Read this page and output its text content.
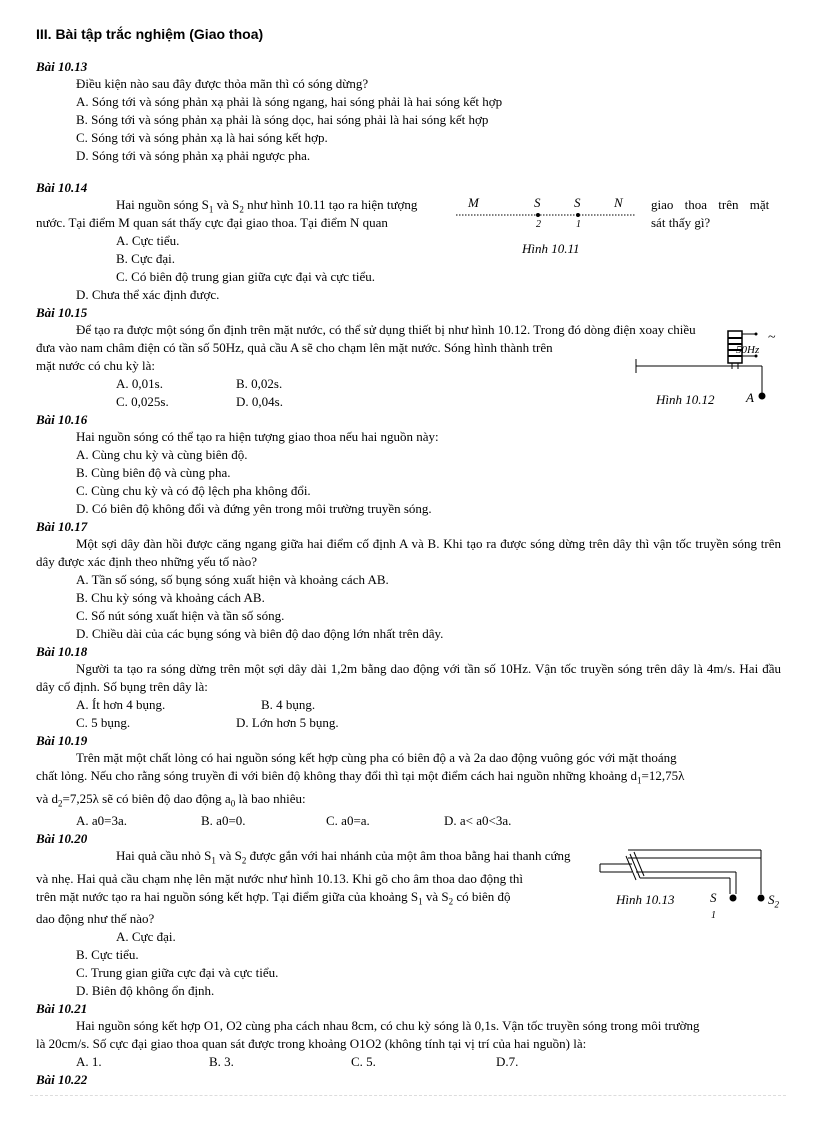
III. Bài tập trắc nghiệm (Giao thoa)
Bài 10.13
Điều kiện nào sau đây được thỏa mãn thì có sóng dừng?
A. Sóng tới và sóng phản xạ phải là sóng ngang, hai sóng phải là hai sóng kết hợp
B. Sóng tới và sóng phản xạ phải là sóng dọc, hai sóng phải là hai sóng kết hợp
C. Sóng tới và sóng phản xạ là hai sóng kết hợp.
D. Sóng tới và sóng phản xạ phải ngược pha.
Bài 10.14
Hai nguồn sóng $S_1$ và $S_2$ như hình 10.11 tạo ra hiện tượng	giao thoa trên mặt
nước. Tại điểm M quan sát thấy cực đại giao thoa. Tại điểm N quan	sát thấy gì?
A. Cực tiểu.
B. Cực đại.
C. Có biên độ trung gian giữa cực đại và cực tiểu.
D. Chưa thể xác định được.
M	S	S	N
2	1
Hình 10.11
Bài 10.15
Để tạo ra được một sóng ổn định trên mặt nước, có thể sử dụng thiết bị như hình 10.12. Trong đó dòng điện xoay chiều
đưa vào nam châm điện có tần số 50Hz, quả cầu A sẽ cho chạm lên mặt nước. Sóng hình thành trên
mặt nước có chu kỳ là:
A. 0,01s.	B. 0,02s.
C. 0,025s.	D. 0,04s.
~
50Hz
A
Hình 10.12
Bài 10.16
Hai nguồn sóng có thể tạo ra hiện tượng giao thoa nếu hai nguồn này:
A. Cùng chu kỳ và cùng biên độ.
B. Cùng biên độ và cùng pha.
C. Cùng chu kỳ và có độ lệch pha không đổi.
D. Có biên độ không đổi và đứng yên trong môi trường truyền sóng.
Bài 10.17
Một sợi dây đàn hồi được căng ngang giữa hai điểm cố định A và B. Khi tạo ra được sóng dừng trên dây thì vận tốc truyền sóng trên dây được xác định theo những yếu tố nào?
A. Tần số sóng, số bụng sóng xuất hiện và khoảng cách AB.
B. Chu kỳ sóng và khoảng cách AB.
C. Số nút sóng xuất hiện và tần số sóng.
D. Chiều dài của các bụng sóng và biên độ dao động lớn nhất trên dây.
Bài 10.18
Người ta tạo ra sóng dừng trên một sợi dây dài 1,2m bằng dao động với tần số 10Hz. Vận tốc truyền sóng trên dây là 4m/s. Hai đầu dây cố định. Số bụng trên dây là:
A. Ít hơn 4 bụng.	B. 4 bụng.
C. 5 bụng.	D. Lớn hơn 5 bụng.
Bài 10.19
Trên mặt một chất lỏng có hai nguồn sóng kết hợp cùng pha có biên độ a và 2a dao động vuông góc với mặt thoáng
chất lỏng. Nếu cho rằng sóng truyền đi với biên độ không thay đổi thì tại một điểm cách hai nguồn những khoảng $d_1=12,75\lambda$
và $d_2=7,25\lambda$ sẽ có biên độ dao động $a_0$ là bao nhiêu:
A. a0=3a.	B. a0=0.	C. a0=a.	D. a< a0<3a.
Bài 10.20
Hai quả cầu nhỏ $S_1$ và $S_2$ được gắn với hai nhánh của một âm thoa bằng hai thanh cứng
và nhẹ. Hai quả cầu chạm nhẹ lên mặt nước như hình 10.13. Khi gõ cho âm thoa dao động thì
trên mặt nước tạo ra hai nguồn sóng kết hợp. Tại điểm giữa của khoảng $S_1$ và $S_2$ có biên độ
dao động như thế nào?
A. Cực đại.
B. Cực tiểu.
C. Trung gian giữa cực đại và cực tiểu.
D. Biên độ không ổn định.
S
1
$S_2$
Hình 10.13
Bài 10.21
Hai nguồn sóng kết hợp O1, O2 cùng pha cách nhau 8cm, có chu kỳ sóng là 0,1s. Vận tốc truyền sóng trong môi trường
là 20cm/s. Số cực đại giao thoa quan sát được trong khoảng O1O2 (không tính tại vị trí của hai nguồn) là:
A. 1.	B. 3.	C. 5.	D.7.
Bài 10.22
